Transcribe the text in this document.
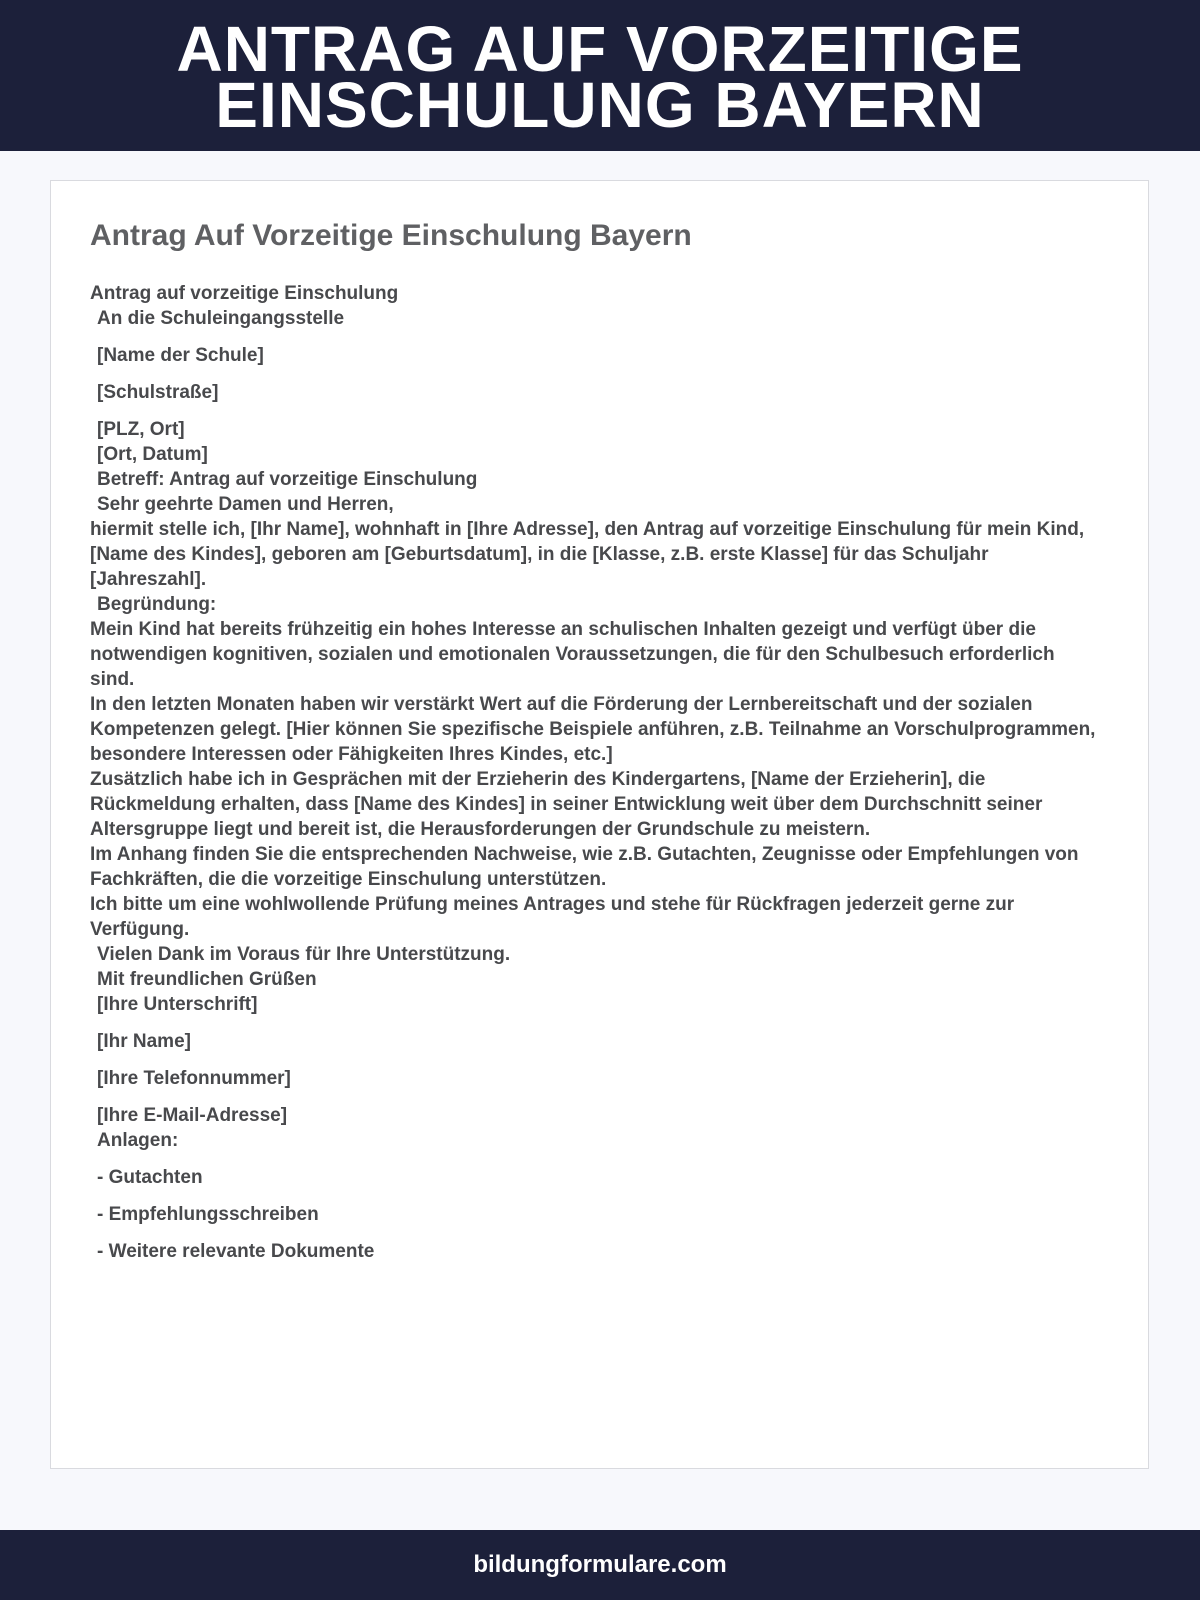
ANTRAG AUF VORZEITIGE
EINSCHULUNG BAYERN
Antrag Auf Vorzeitige Einschulung Bayern
Antrag auf vorzeitige Einschulung
An die Schuleingangsstelle
[Name der Schule]
[Schulstraße]
[PLZ, Ort]
[Ort, Datum]
Betreff: Antrag auf vorzeitige Einschulung
Sehr geehrte Damen und Herren,
hiermit stelle ich, [Ihr Name], wohnhaft in [Ihre Adresse], den Antrag auf vorzeitige Einschulung für mein Kind, [Name des Kindes], geboren am [Geburtsdatum], in die [Klasse, z.B. erste Klasse] für das Schuljahr [Jahreszahl].
Begründung:
Mein Kind hat bereits frühzeitig ein hohes Interesse an schulischen Inhalten gezeigt und verfügt über die notwendigen kognitiven, sozialen und emotionalen Voraussetzungen, die für den Schulbesuch erforderlich sind.
In den letzten Monaten haben wir verstärkt Wert auf die Förderung der Lernbereitschaft und der sozialen Kompetenzen gelegt. [Hier können Sie spezifische Beispiele anführen, z.B. Teilnahme an Vorschulprogrammen, besondere Interessen oder Fähigkeiten Ihres Kindes, etc.]
Zusätzlich habe ich in Gesprächen mit der Erzieherin des Kindergartens, [Name der Erzieherin], die Rückmeldung erhalten, dass [Name des Kindes] in seiner Entwicklung weit über dem Durchschnitt seiner Altersgruppe liegt und bereit ist, die Herausforderungen der Grundschule zu meistern.
Im Anhang finden Sie die entsprechenden Nachweise, wie z.B. Gutachten, Zeugnisse oder Empfehlungen von Fachkräften, die die vorzeitige Einschulung unterstützen.
Ich bitte um eine wohlwollende Prüfung meines Antrages und stehe für Rückfragen jederzeit gerne zur Verfügung.
Vielen Dank im Voraus für Ihre Unterstützung.
Mit freundlichen Grüßen
[Ihre Unterschrift]
[Ihr Name]
[Ihre Telefonnummer]
[Ihre E-Mail-Adresse]
Anlagen:
- Gutachten
- Empfehlungsschreiben
- Weitere relevante Dokumente
bildungformulare.com
